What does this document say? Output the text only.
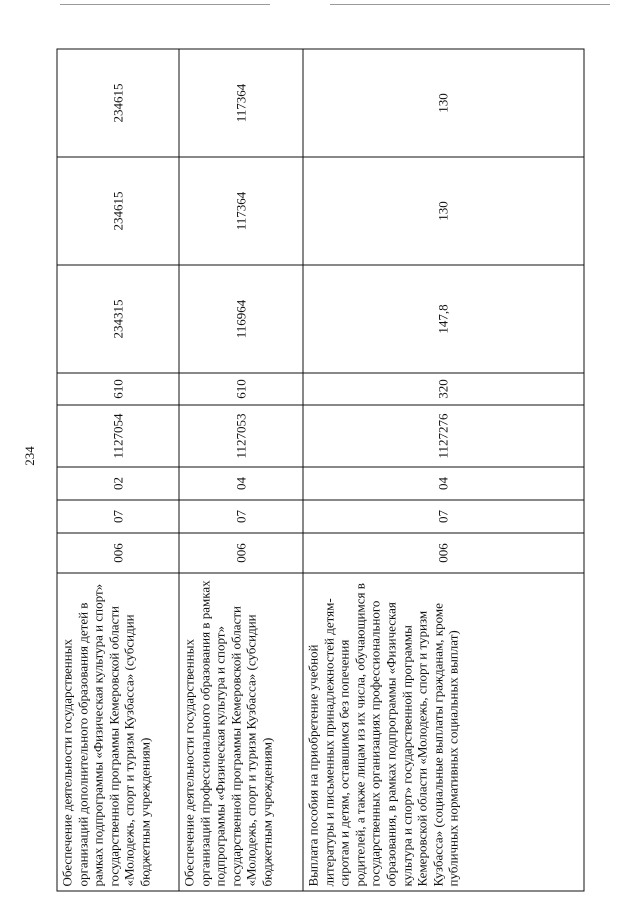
234
Обеспечение деятельности государственных организаций дополнительного образования детей в рамках подпрограммы «Физическая культура и спорт» государственной программы Кемеровской области «Молодежь, спорт и туризм Кузбасса» (субсидии бюджетным учреждениям)	006	07	02	1127054	610	234315	234615	234615
Обеспечение деятельности государственных организаций профессионального образования в рамках подпрограммы «Физическая культура и спорт» государственной программы Кемеровской области «Молодежь, спорт и туризм Кузбасса» (субсидии бюджетным учреждениям)	006	07	04	1127053	610	116964	117364	117364
Выплата пособия на приобретение учебной литературы и письменных принадлежностей детям-сиротам и детям, оставшимся без попечения родителей, а также лицам из их числа, обучающимся в государственных организациях профессионального образования, в рамках подпрограммы «Физическая культура и спорт» государственной программы Кемеровской области «Молодежь, спорт и туризм Кузбасса» (социальные выплаты гражданам, кроме публичных нормативных социальных выплат)	006	07	04	1127276	320	147,8	130	130
